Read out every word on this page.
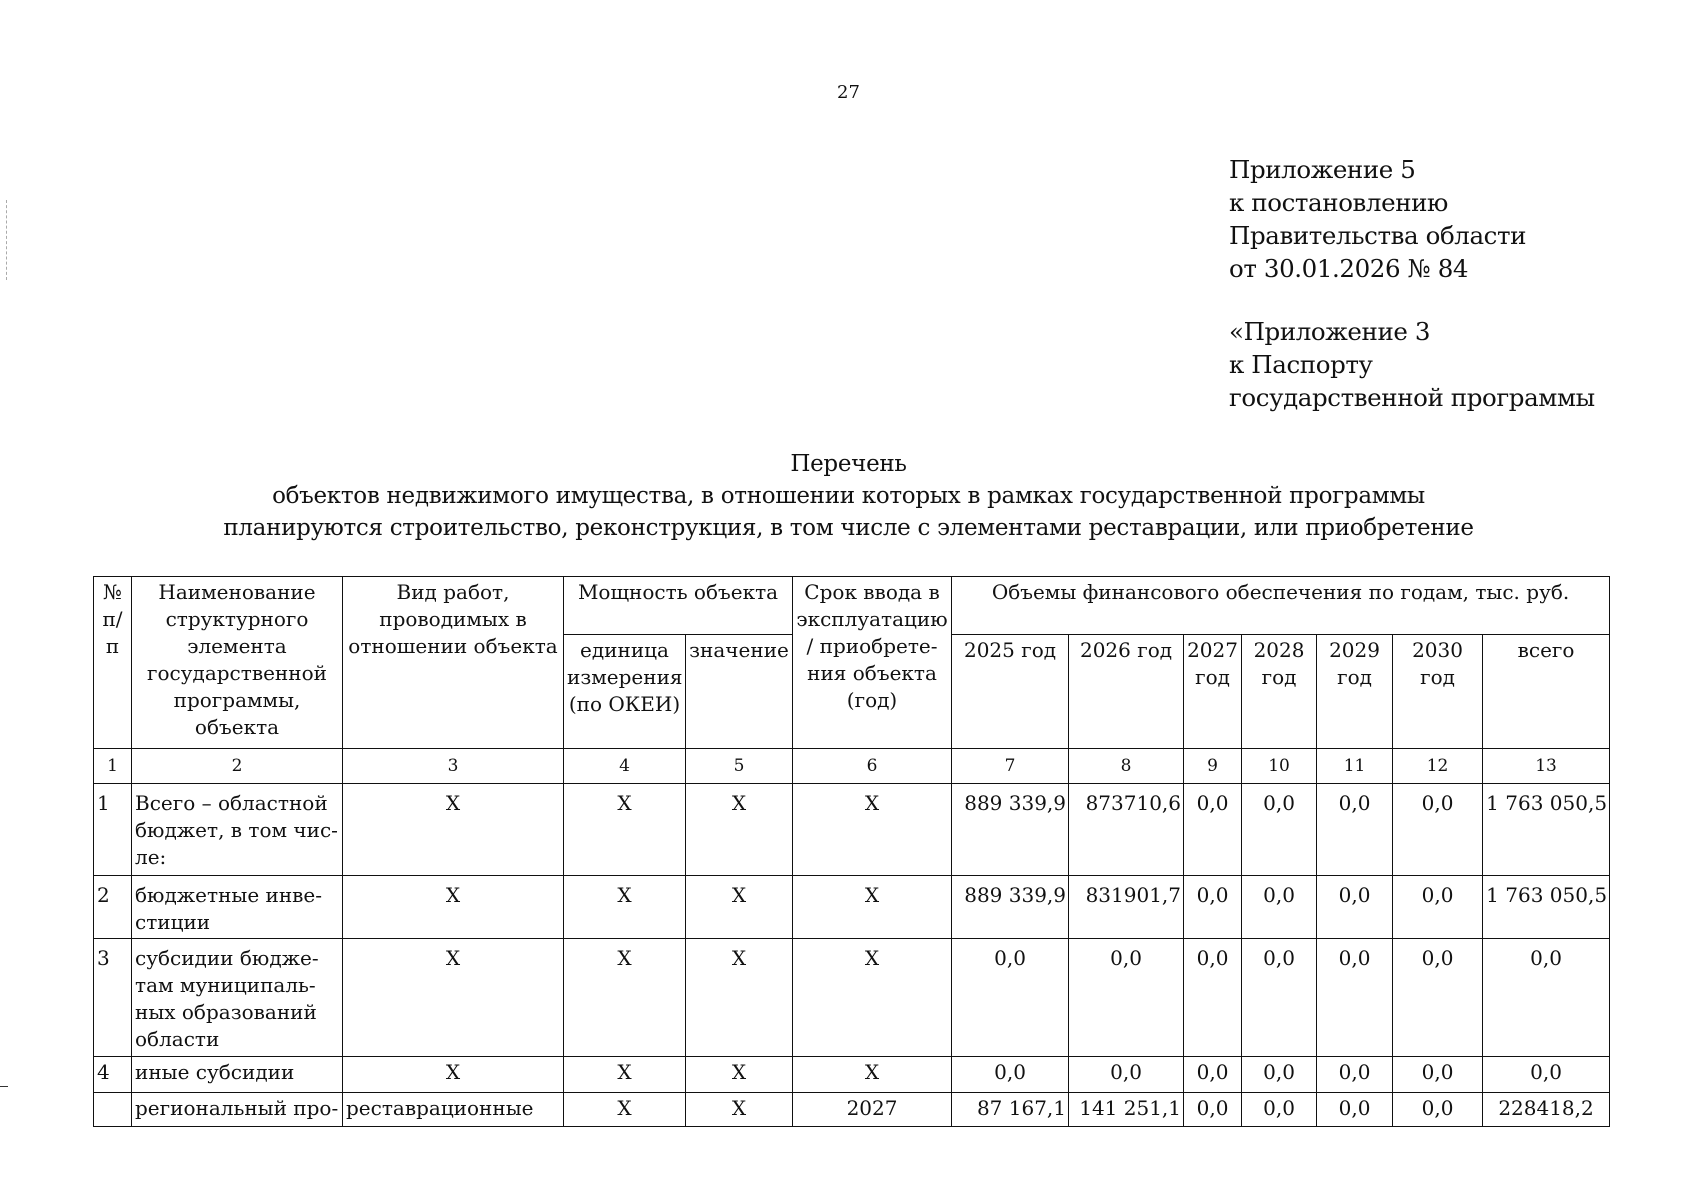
27
Приложение 5
к постановлению
Правительства области
от 30.01.2026 № 84
«Приложение 3
к Паспорту
государственной программы
Перечень
объектов недвижимого имущества, в отношении которых в рамках государственной программы
планируются строительство, реконструкция, в том числе с элементами реставрации, или приобретение
№ п/п	Наименование структурного элемента государственной программы, объекта	Вид работ, проводимых в отношении объекта	Мощность объекта		Срок ввода в эксплуатацию / приобрете-ния объекта (год)	Объемы финансового обеспечения по годам, тыс. руб.						
			единица измерения (по ОКЕИ)	значение		2025 год	2026 год	2027 год	2028 год	2029 год	2030 год	всего
1	2	3	4	5	6	7	8	9	10	11	12	13
1	Всего – областной бюджет, в том чис-ле:	X	X	X	X	889 339,9	873710,6	0,0	0,0	0,0	0,0	1 763 050,5
2	бюджетные инве-стиции	X	X	X	X	889 339,9	831901,7	0,0	0,0	0,0	0,0	1 763 050,5
3	субсидии бюдже-там муниципаль-ных образований области	X	X	X	X	0,0	0,0	0,0	0,0	0,0	0,0	0,0
4	иные субсидии	X	X	X	X	0,0	0,0	0,0	0,0	0,0	0,0	0,0
	региональный про-	реставрационные	X	X	2027	87 167,1	141 251,1	0,0	0,0	0,0	0,0	228418,2
